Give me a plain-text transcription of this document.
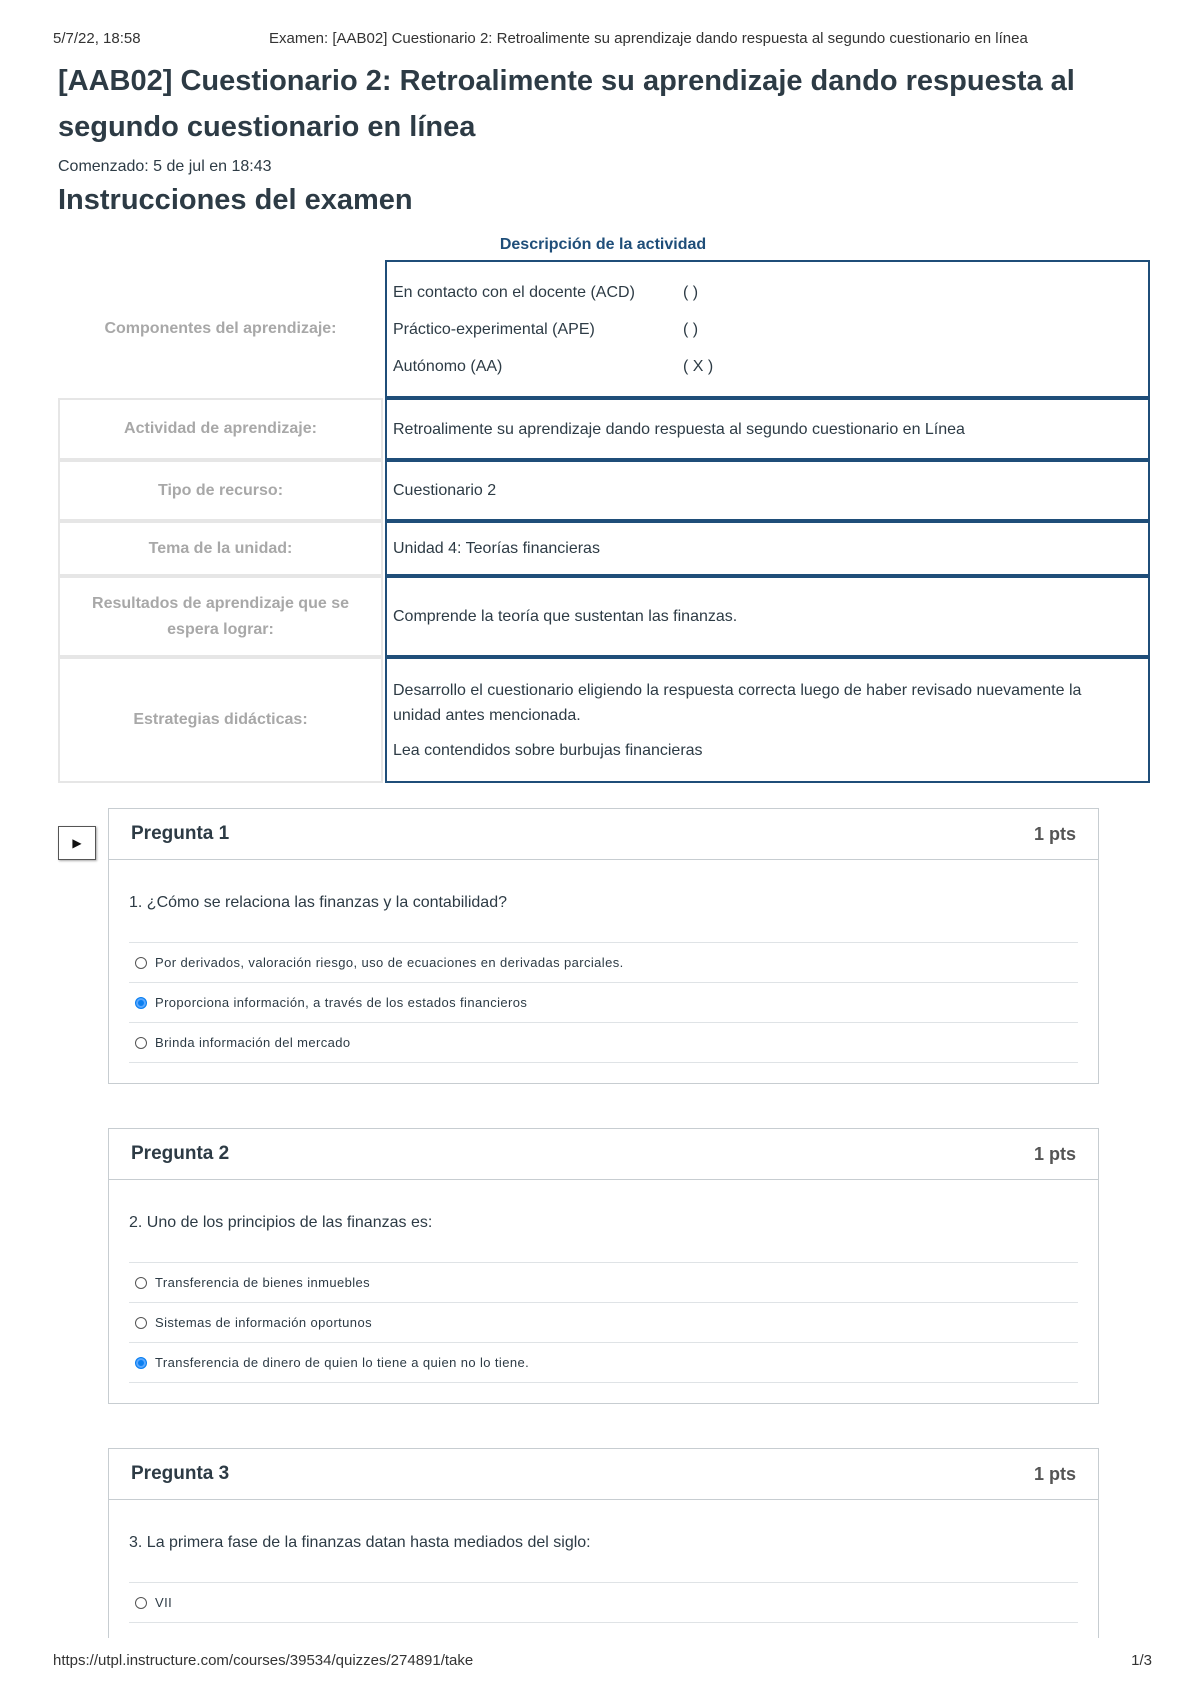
5/7/22, 18:58	Examen: [AAB02] Cuestionario 2: Retroalimente su aprendizaje dando respuesta al segundo cuestionario en línea
[AAB02] Cuestionario 2: Retroalimente su aprendizaje dando respuesta al segundo cuestionario en línea
Comenzado: 5 de jul en 18:43
Instrucciones del examen
Descripción de la actividad
Componentes del aprendizaje:
En contacto con el docente (ACD)	( )
Práctico-experimental (APE)	( )
Autónomo (AA)	( X )
Actividad de aprendizaje:	Retroalimente su aprendizaje dando respuesta al segundo cuestionario en Línea

Tipo de recurso:	Cuestionario 2

Tema de la unidad:	Unidad 4: Teorías financieras

Resultados de aprendizaje que se espera lograr:

Comprende la teoría que sustentan las finanzas.

Estrategias didácticas:

Desarrollo el cuestionario eligiendo la respuesta correcta luego de haber revisado nuevamente la unidad antes mencionada.

Lea contendidos sobre burbujas financieras

▶	Pregunta 1	1 pts
1. ¿Cómo se relaciona las finanzas y la contabilidad?
Por derivados, valoración riesgo, uso de ecuaciones en derivadas parciales.
Proporciona información, a través de los estados financieros
Brinda información del mercado
Pregunta 2	1 pts
2. Uno de los principios de las finanzas es:
Transferencia de bienes inmuebles
Sistemas de información oportunos
Transferencia de dinero de quien lo tiene a quien no lo tiene.
Pregunta 3	1 pts
3. La primera fase de la finanzas datan hasta mediados del siglo:
VII
https://utpl.instructure.com/courses/39534/quizzes/274891/take	1/3
